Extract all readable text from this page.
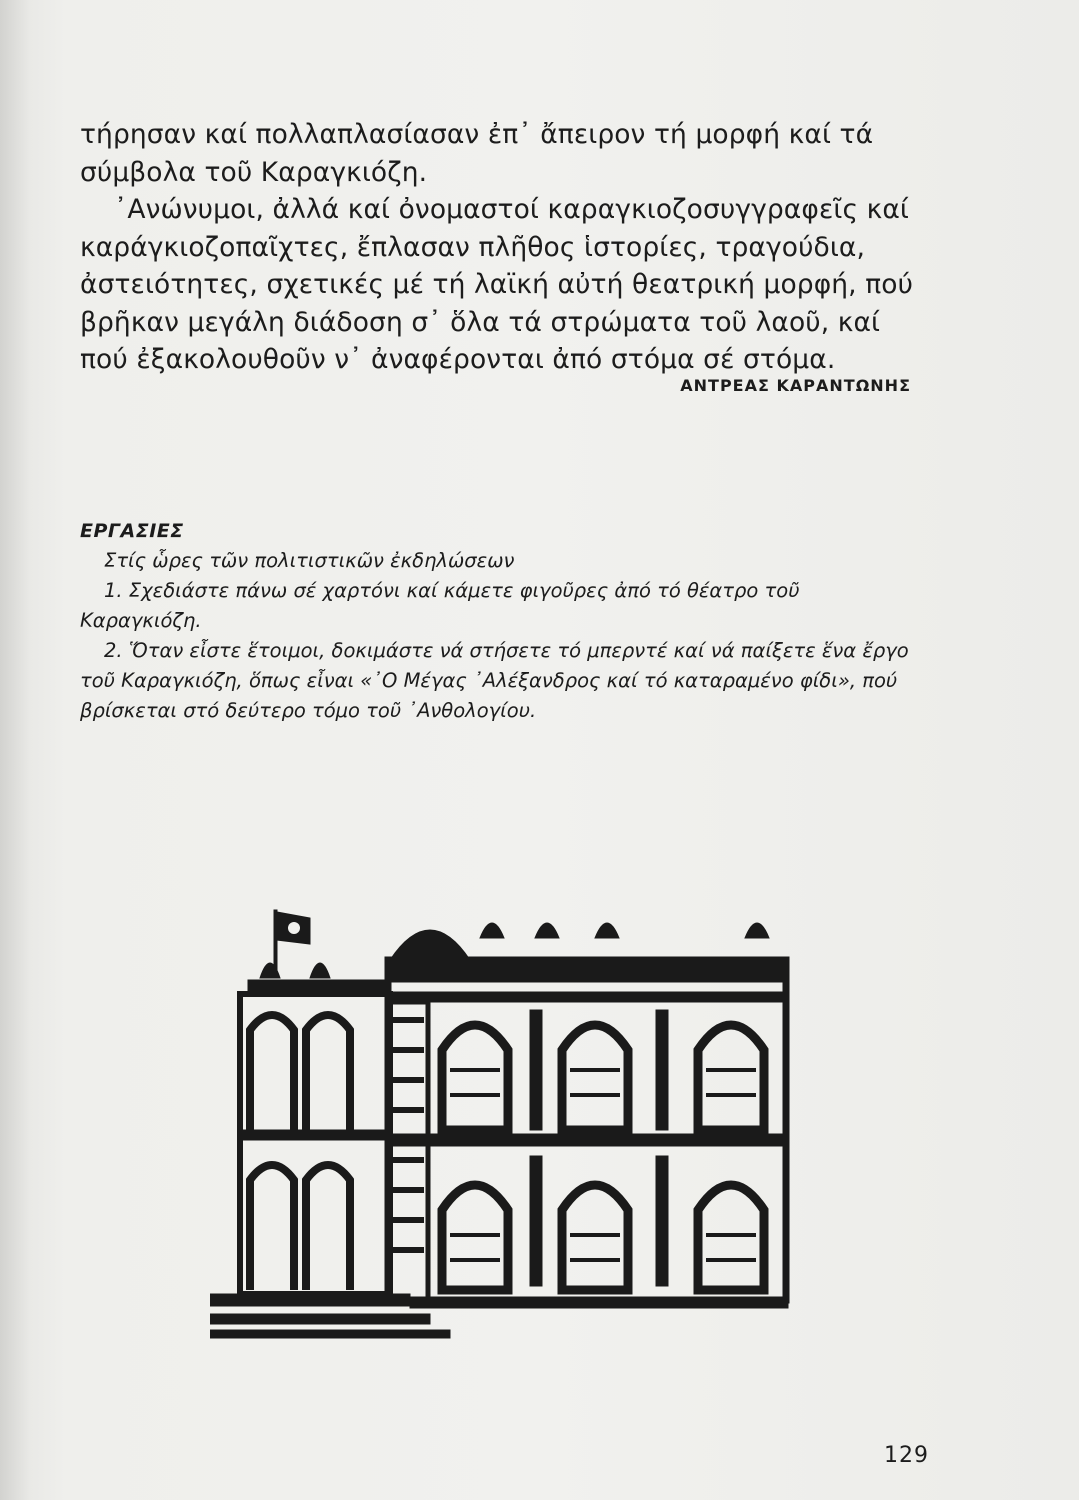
τήρησαν καί πολλαπλασίασαν ἐπ᾽ ἄπειρον τή μορφή καί τά σύμβολα τοῦ Καραγκιόζη.

᾿Ανώνυμοι, ἀλλά καί ὀνομαστοί καραγκιοζοσυγγραφεῖς καί καράγκιοζοπαῖχτες, ἔπλασαν πλῆθος ἱστορίες, τραγούδια, ἀστειότητες, σχετικές μέ τή λαϊκή αὐτή θεατρική μορφή, πού βρῆκαν μεγάλη διάδοση σ᾽ ὅλα τά στρώματα τοῦ λαοῦ, καί πού ἐξακολουθοῦν ν᾽ ἀναφέρονται ἀπό στόμα σέ στόμα.

ΑΝΤΡΕΑΣ ΚΑΡΑΝΤΩΝΗΣ

ΕΡΓΑΣΙΕΣ

Στίς ὧρες τῶν πολιτιστικῶν ἐκδηλώσεων

1. Σχεδιάστε πάνω σέ χαρτόνι καί κάμετε φιγοῦρες ἀπό τό θέατρο τοῦ Καραγκιόζη.

2. Ὅταν εἶστε ἕτοιμοι, δοκιμάστε νά στήσετε τό μπερντέ καί νά παίξετε ἕνα ἔργο τοῦ Καραγκιόζη, ὅπως εἶναι «᾿Ο Μέγας ᾿Αλέξανδρος καί τό καταραμένο φίδι», πού βρίσκεται στό δεύτερο τόμο τοῦ ᾿Ανθολογίου.

129
